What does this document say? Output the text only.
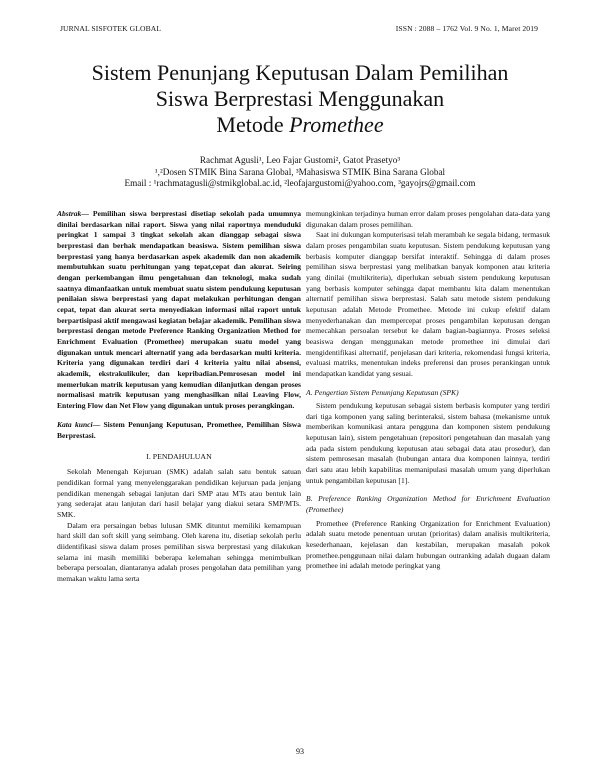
JURNAL SISFOTEK GLOBAL	ISSN : 2088 – 1762 Vol. 9 No. 1, Maret 2019
Sistem Penunjang Keputusan Dalam Pemilihan
Siswa Berprestasi Menggunakan
Metode Promethee
Rachmat Agusli¹, Leo Fajar Gustomi², Gatot Prasetyo³
¹,²Dosen STMIK Bina Sarana Global, ³Mahasiswa STMIK Bina Sarana Global
Email : ¹rachmatagusli@stmikglobal.ac.id, ²leofajargustomi@yahoo.com, ³gayojrs@gmail.com

Abstrak— Pemilihan siswa berprestasi disetiap sekolah pada umumnya dinilai berdasarkan nilai raport. Siswa yang nilai raportnya menduduki peringkat 1 sampai 3 tingkat sekolah akan dianggap sebagai siswa berprestasi dan berhak mendapatkan beasiswa. Sistem pemilihan siswa berprestasi yang hanya berdasarkan aspek akademik dan non akademik membutuhkan suatu perhitungan yang tepat,cepat dan akurat. Seiring dengan perkembangan ilmu pengetahuan dan teknologi, maka sudah saatnya dimanfaatkan untuk membuat suatu sistem pendukung keputusan penilaian siswa berprestasi yang dapat melakukan perhitungan dengan cepat, tepat dan akurat serta menyediakan informasi nilai raport untuk berpartisipasi aktif mengawasi kegiatan belajar akademik. Pemilihan siswa berprestasi dengan metode Preference Ranking Organization Method for Enrichment Evaluation (Promethee) merupakan suatu model yang digunakan untuk mencari alternatif yang ada berdasarkan multi kriteria. Kriteria yang digunakan terdiri dari 4 kriteria yaitu nilai absensi, akademik, ekstrakulikuler, dan kepribadian.Pemrosesan model ini memerlukan matrik keputusan yang kemudian dilanjutkan dengan proses normalisasi matrik keputusan yang menghasilkan nilai Leaving Flow, Entering Flow dan Net Flow yang digunakan untuk proses perangkingan.

Kata kunci— Sistem Penunjang Keputusan, Promethee, Pemilihan Siswa Berprestasi.

I. PENDAHULUAN

Sekolah Menengah Kejuruan (SMK) adalah salah satu bentuk satuan pendidikan formal yang menyelenggarakan pendidikan kejuruan pada jenjang pendidikan menengah sebagai lanjutan dari SMP atau MTs atau bentuk lain yang sederajat atau lanjutan dari hasil belajar yang diakui setara SMP/MTs. SMK.

Dalam era persaingan bebas lulusan SMK dituntut memiliki kemampuan hard skill dan soft skill yang seimbang. Oleh karena itu, disetiap sekolah perlu diidentifikasi siswa dalam proses pemilihan siswa berprestasi yang dilakukan selama ini masih memiliki beberapa kelemahan sehingga menimbulkan beberapa persoalan, diantaranya adalah proses pengolahan data pemilihan yang memakan waktu lama serta

memungkinkan terjadinya human error dalam proses pengolahan data-data yang digunakan dalam proses pemilihan.

Saat ini dukungan komputerisasi telah merambah ke segala bidang, termasuk dalam proses pengambilan suatu keputusan. Sistem pendukung keputusan yang berbasis komputer dianggap bersifat interaktif. Sehingga di dalam proses pemilihan siswa berprestasi yang melibatkan banyak komponen atau kriteria yang dinilai (multikriteria), diperlukan sebuah sistem pendukung keputusan yang berbasis komputer sehingga dapat membantu kita dalam menentukan alternatif pemilihan siswa berprestasi. Salah satu metode sistem pendukung keputusan adalah Metode Promethee. Metode ini cukup efektif dalam menyederhanakan dan mempercepat proses pengambilan keputusan dengan memecahkan persoalan tersebut ke dalam bagian-bagiannya. Proses seleksi beasiswa dengan menggunakan metode promethee ini dimulai dari mengidentifikasi alternatif, penjelasan dari kriteria, rekomendasi fungsi kriteria, evaluasi matriks, menentukan indeks preferensi dan proses perankingan untuk mendapatkan kandidat yang sesuai.

A. Pengertian Sistem Penunjang Keputusan (SPK)

Sistem pendukung keputusan sebagai sistem berbasis komputer yang terdiri dari tiga komponen yang saling berinteraksi, sistem bahasa (mekanisme untuk memberikan komunikasi antara pengguna dan komponen sistem pendukung keputusan lain), sistem pengetahuan (repositori pengetahuan dan masalah yang ada pada sistem pendukung keputusan atau sebagai data atau prosedur), dan sistem pemrosesan masalah (hubungan antara dua komponen lainnya, terdiri dari satu atau lebih kapabilitas memanipulasi masalah umum yang diperlukan untuk pengambilan keputusan [1].

B. Preference Ranking Organization Method for Enrichment Evaluation (Promethee)

Promethee (Preference Ranking Organization for Enrichment Evaluation) adalah suatu metode penentuan urutan (prioritas) dalam analisis multikriteria, kesederhanaan, kejelasan dan kestabilan, merupakan masalah pokok promethee.penggunaan nilai dalam hubungan outranking adalah dugaan dalam promethee ini adalah metode peringkat yang

93
